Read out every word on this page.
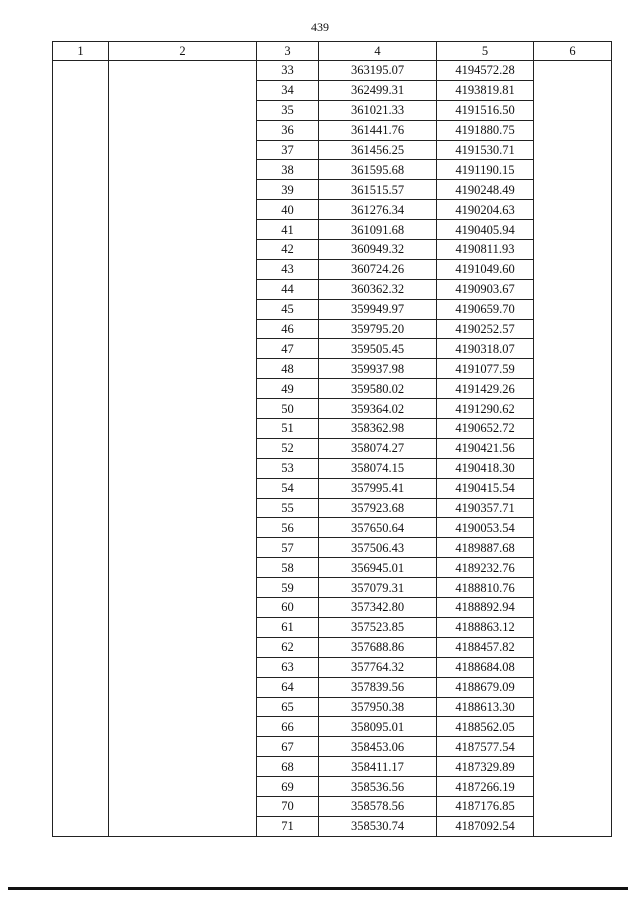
439
1	2	3	4	5	6
		33	363195.07	4194572.28	
		34	362499.31	4193819.81	
		35	361021.33	4191516.50	
		36	361441.76	4191880.75	
		37	361456.25	4191530.71	
		38	361595.68	4191190.15	
		39	361515.57	4190248.49	
		40	361276.34	4190204.63	
		41	361091.68	4190405.94	
		42	360949.32	4190811.93	
		43	360724.26	4191049.60	
		44	360362.32	4190903.67	
		45	359949.97	4190659.70	
		46	359795.20	4190252.57	
		47	359505.45	4190318.07	
		48	359937.98	4191077.59	
		49	359580.02	4191429.26	
		50	359364.02	4191290.62	
		51	358362.98	4190652.72	
		52	358074.27	4190421.56	
		53	358074.15	4190418.30	
		54	357995.41	4190415.54	
		55	357923.68	4190357.71	
		56	357650.64	4190053.54	
		57	357506.43	4189887.68	
		58	356945.01	4189232.76	
		59	357079.31	4188810.76	
		60	357342.80	4188892.94	
		61	357523.85	4188863.12	
		62	357688.86	4188457.82	
		63	357764.32	4188684.08	
		64	357839.56	4188679.09	
		65	357950.38	4188613.30	
		66	358095.01	4188562.05	
		67	358453.06	4187577.54	
		68	358411.17	4187329.89	
		69	358536.56	4187266.19	
		70	358578.56	4187176.85	
		71	358530.74	4187092.54	
